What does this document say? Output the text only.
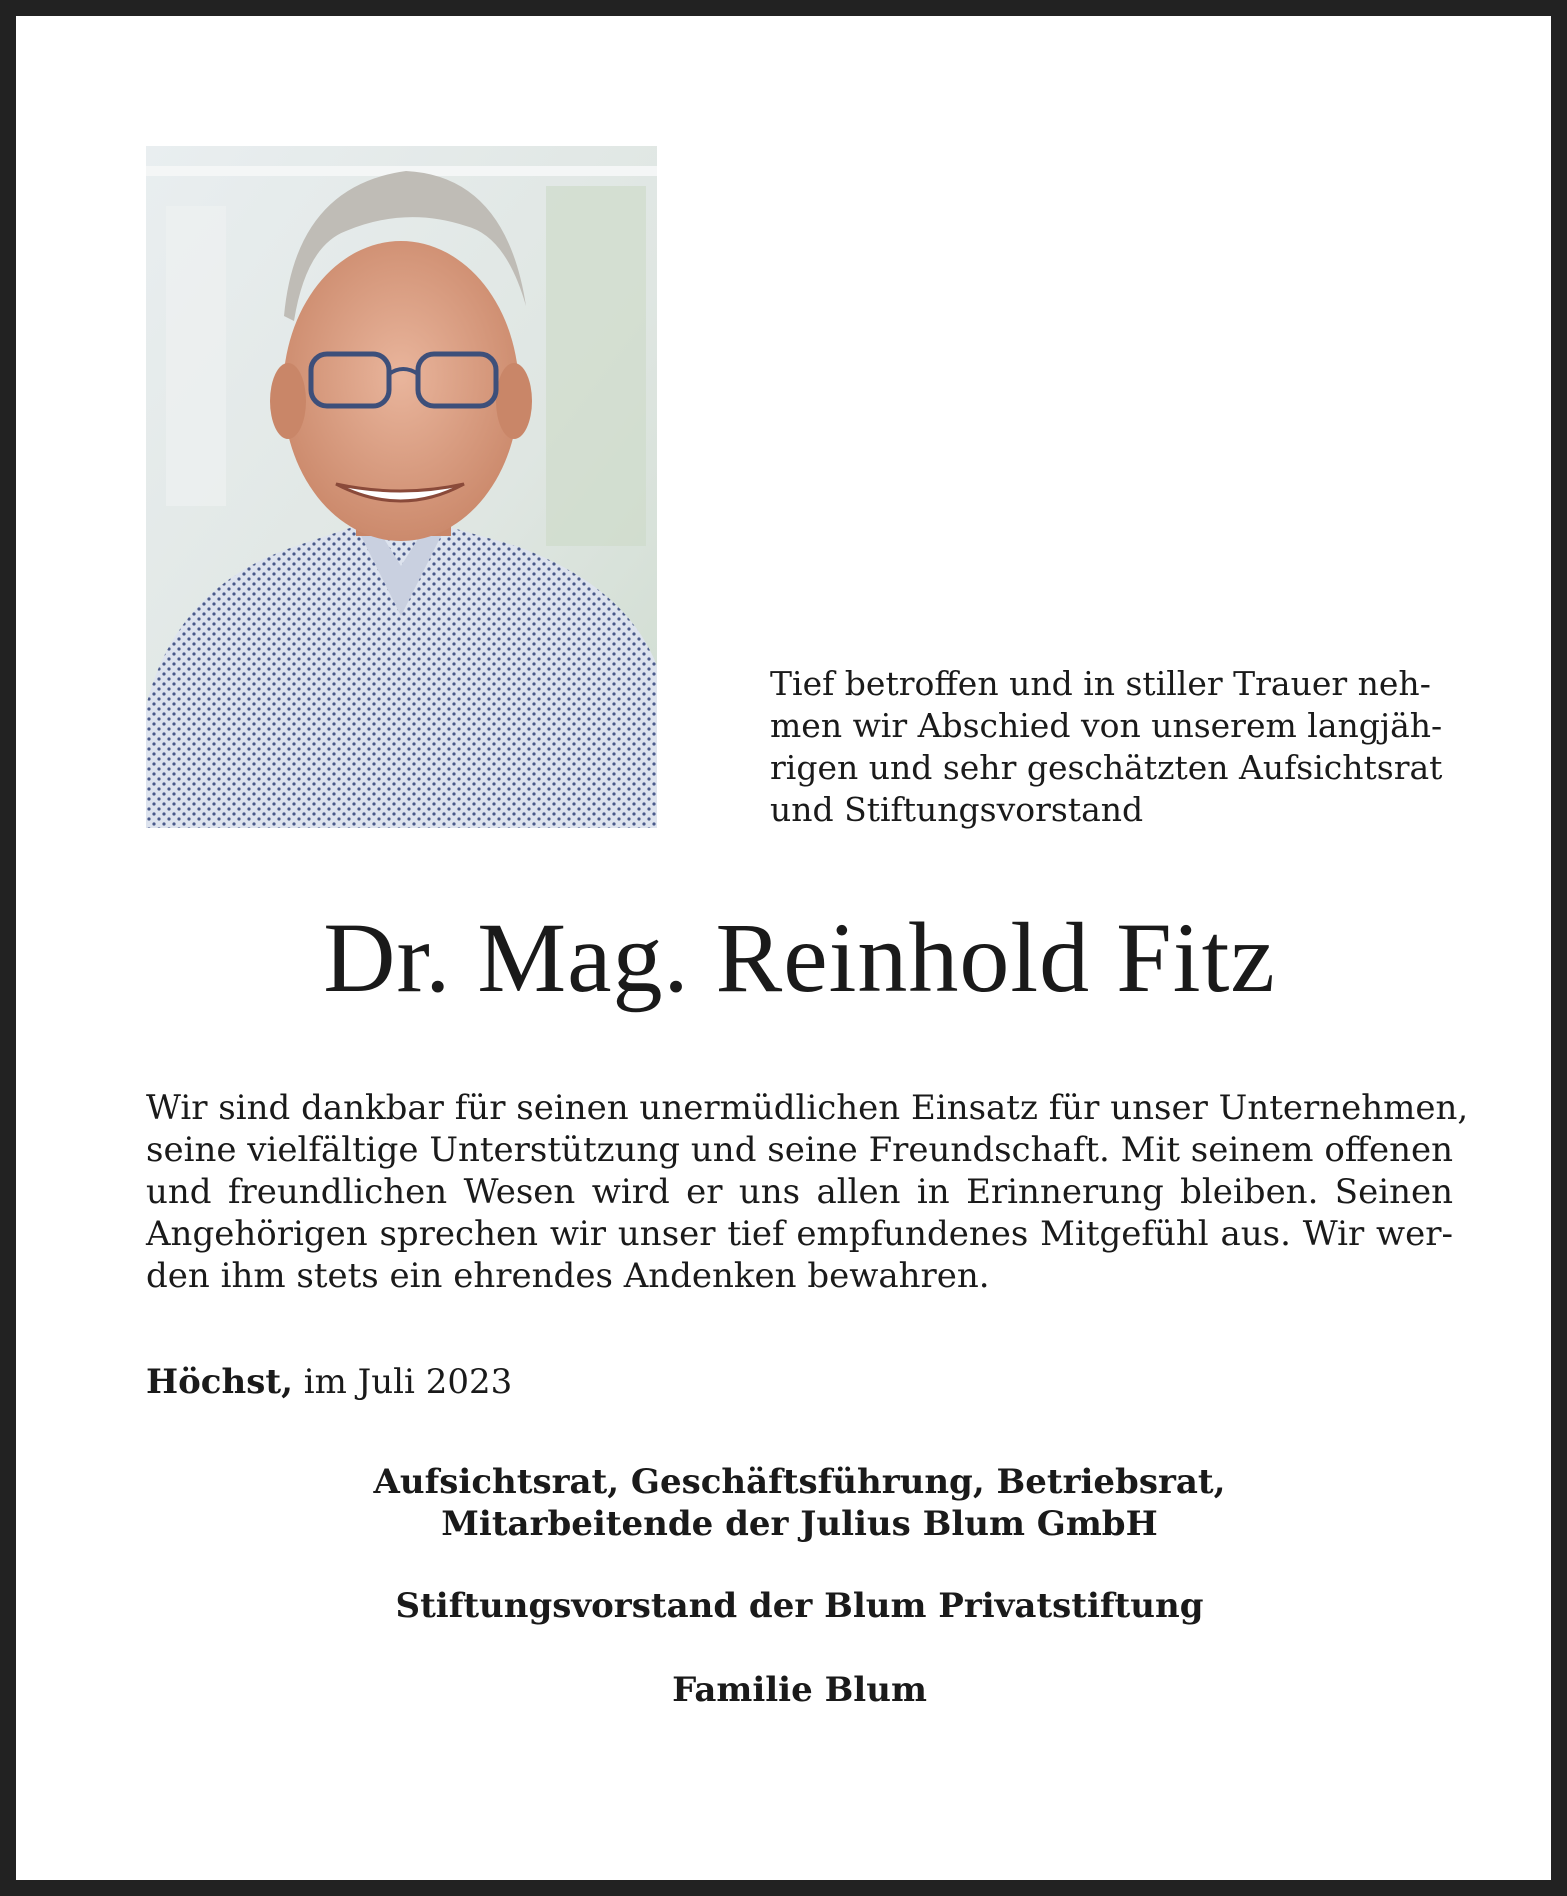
Tief betroffen und in stiller Trauer neh-
men wir Abschied von unserem langjäh-
rigen und sehr geschätzten Aufsichtsrat
und Stiftungsvorstand
Dr. Mag. Reinhold Fitz
Wir sind dankbar für seinen unermüdlichen Einsatz für unser Unternehmen,
seine vielfältige Unterstützung und seine Freundschaft. Mit seinem offenen
und freundlichen Wesen wird er uns allen in Erinnerung bleiben. Seinen
Angehörigen sprechen wir unser tief empfundenes Mitgefühl aus. Wir wer-
den ihm stets ein ehrendes Andenken bewahren.

Höchst, im Juli 2023

Aufsichtsrat, Geschäftsführung, Betriebsrat,

Mitarbeitende der Julius Blum GmbH

Stiftungsvorstand der Blum Privatstiftung

Familie Blum
